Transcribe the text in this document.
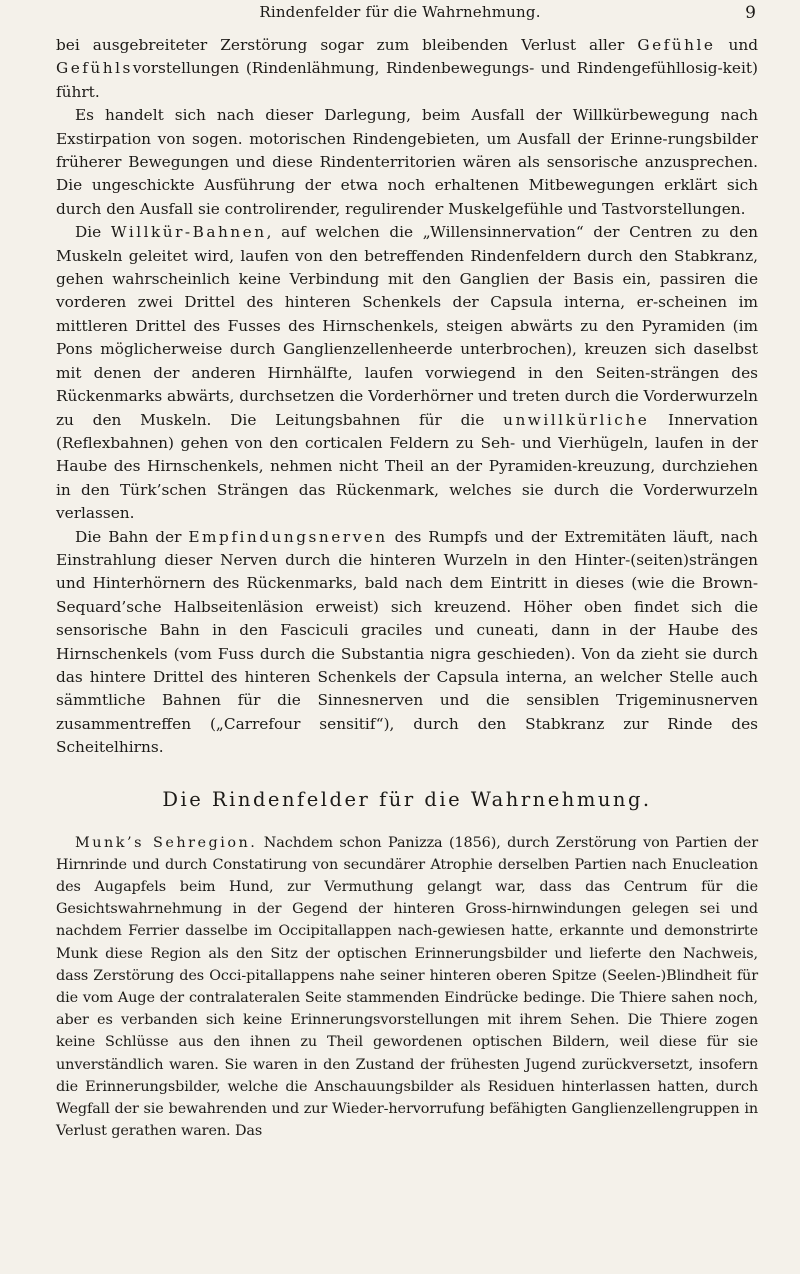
Rindenfelder für die Wahrnehmung.	9

bei ausgebreiteter Zerstörung sogar zum bleibenden Verlust aller Gefühle und Gefühlsvorstellungen (Rindenlähmung, Rindenbewegungs- und Rindengefühllosig-keit) führt.

Es handelt sich nach dieser Darlegung, beim Ausfall der Willkürbewegung nach Exstirpation von sogen. motorischen Rindengebieten, um Ausfall der Erinne-rungsbilder früherer Bewegungen und diese Rindenterritorien wären als sensorische anzusprechen. Die ungeschickte Ausführung der etwa noch erhaltenen Mitbewegungen erklärt sich durch den Ausfall sie controlirender, regulirender Muskelgefühle und Tastvorstellungen.

Die Willkür-Bahnen, auf welchen die „Willensinnervation“ der Centren zu den Muskeln geleitet wird, laufen von den betreffenden Rindenfeldern durch den Stabkranz, gehen wahrscheinlich keine Verbindung mit den Ganglien der Basis ein, passiren die vorderen zwei Drittel des hinteren Schenkels der Capsula interna, er-scheinen im mittleren Drittel des Fusses des Hirnschenkels, steigen abwärts zu den Pyramiden (im Pons möglicherweise durch Ganglienzellenheerde unterbrochen), kreuzen sich daselbst mit denen der anderen Hirnhälfte, laufen vorwiegend in den Seiten-strängen des Rückenmarks abwärts, durchsetzen die Vorderhörner und treten durch die Vorderwurzeln zu den Muskeln. Die Leitungsbahnen für die unwillkürliche Innervation (Reflexbahnen) gehen von den corticalen Feldern zu Seh- und Vierhügeln, laufen in der Haube des Hirnschenkels, nehmen nicht Theil an der Pyramiden-kreuzung, durchziehen in den Türk’schen Strängen das Rückenmark, welches sie durch die Vorderwurzeln verlassen.

Die Bahn der Empfindungsnerven des Rumpfs und der Extremitäten läuft, nach Einstrahlung dieser Nerven durch die hinteren Wurzeln in den Hinter-(seiten)strängen und Hinterhörnern des Rückenmarks, bald nach dem Eintritt in dieses (wie die Brown-Sequard’sche Halbseitenläsion erweist) sich kreuzend. Höher oben findet sich die sensorische Bahn in den Fasciculi graciles und cuneati, dann in der Haube des Hirnschenkels (vom Fuss durch die Substantia nigra geschieden). Von da zieht sie durch das hintere Drittel des hinteren Schenkels der Capsula interna, an welcher Stelle auch sämmtliche Bahnen für die Sinnesnerven und die sensiblen Trigeminusnerven zusammentreffen („Carrefour sensitif“), durch den Stabkranz zur Rinde des Scheitelhirns.

Die Rindenfelder für die Wahrnehmung.

Munk’s Sehregion. Nachdem schon Panizza (1856), durch Zerstörung von Partien der Hirnrinde und durch Constatirung von secundärer Atrophie derselben Partien nach Enucleation des Augapfels beim Hund, zur Vermuthung gelangt war, dass das Centrum für die Gesichtswahrnehmung in der Gegend der hinteren Gross-hirnwindungen gelegen sei und nachdem Ferrier dasselbe im Occipitallappen nach-gewiesen hatte, erkannte und demonstrirte Munk diese Region als den Sitz der optischen Erinnerungsbilder und lieferte den Nachweis, dass Zerstörung des Occi-pitallappens nahe seiner hinteren oberen Spitze (Seelen-)Blindheit für die vom Auge der contralateralen Seite stammenden Eindrücke bedinge. Die Thiere sahen noch, aber es verbanden sich keine Erinnerungsvorstellungen mit ihrem Sehen. Die Thiere zogen keine Schlüsse aus den ihnen zu Theil gewordenen optischen Bildern, weil diese für sie unverständlich waren. Sie waren in den Zustand der frühesten Jugend zurückversetzt, insofern die Erinnerungsbilder, welche die Anschauungsbilder als Residuen hinterlassen hatten, durch Wegfall der sie bewahrenden und zur Wieder-hervorrufung befähigten Ganglienzellengruppen in Verlust gerathen waren. Das
